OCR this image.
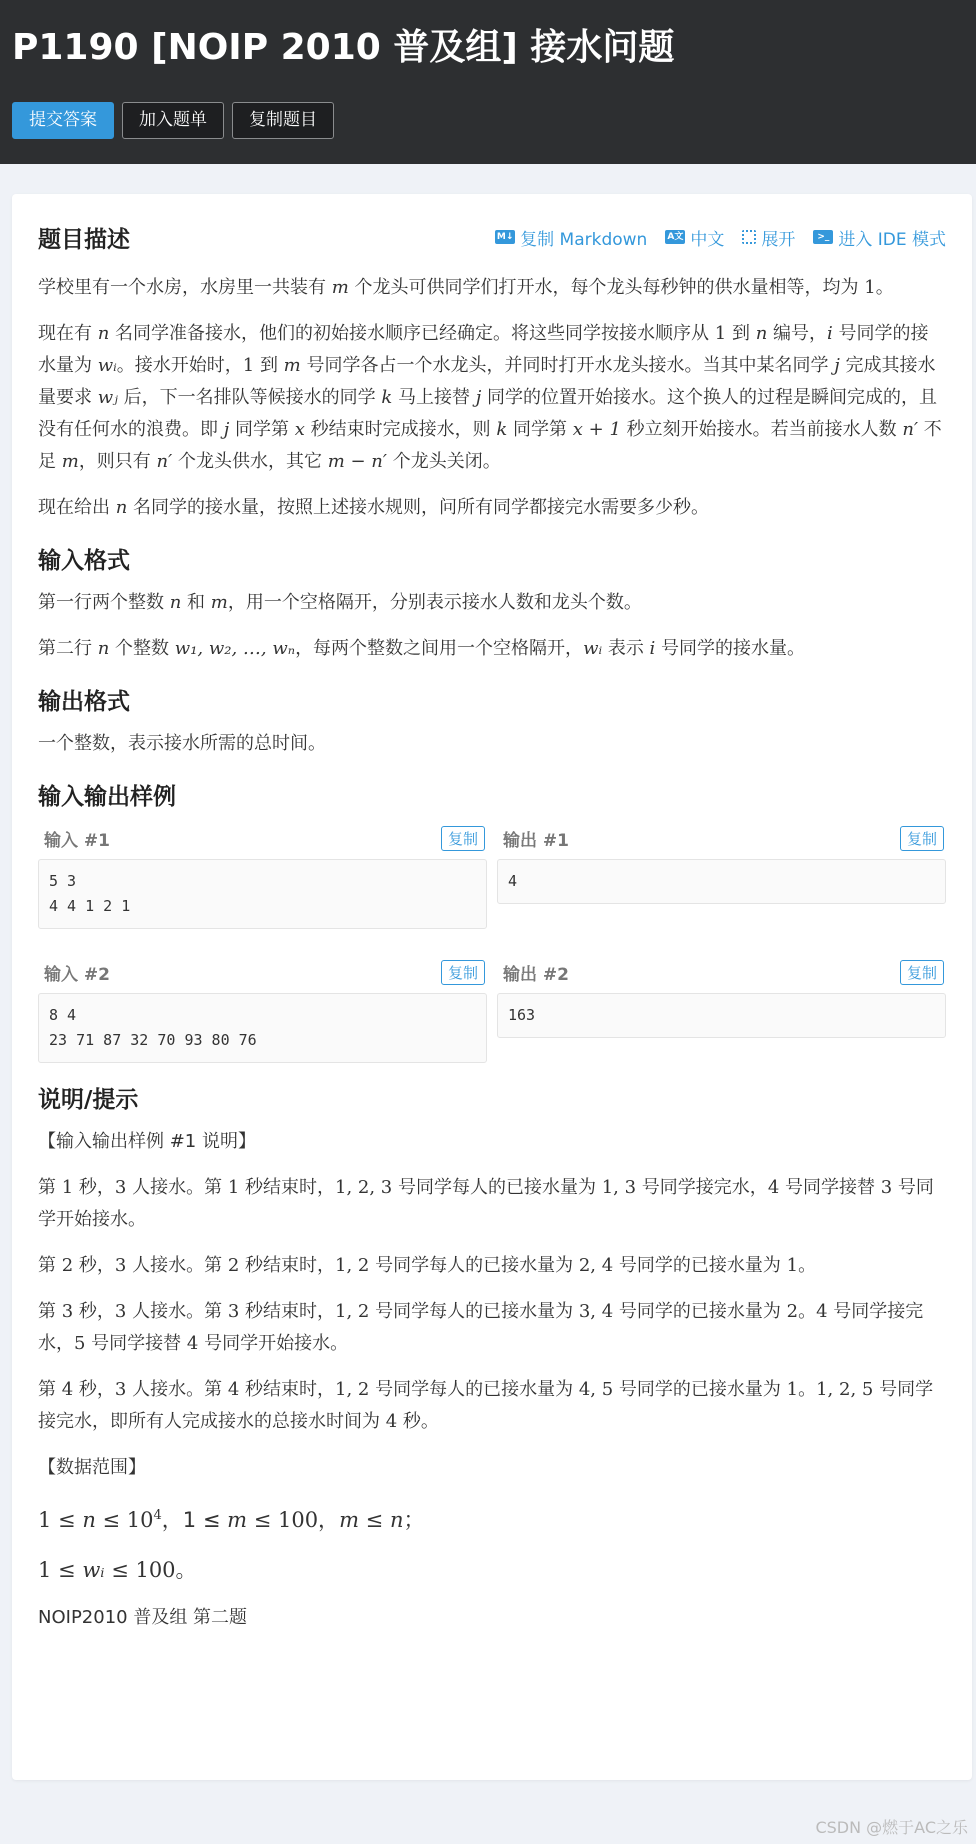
P1190 [NOIP 2010 普及组] 接水问题
提交答案	加入题单	复制题目
题目描述	M↓ 复制 Markdown A文 中文 展开	>_ 进入 IDE 模式

学校里有一个水房，水房里一共装有 m 个龙头可供同学们打开水，每个龙头每秒钟的供水量相等，均为 1。

现在有 n 名同学准备接水，他们的初始接水顺序已经确定。将这些同学按接水顺序从 1 到 n 编号，i 号同学的接水量为 wᵢ。接水开始时，1 到 m 号同学各占一个水龙头，并同时打开水龙头接水。当其中某名同学 j 完成其接水量要求 wⱼ 后，下一名排队等候接水的同学 k 马上接替 j 同学的位置开始接水。这个换人的过程是瞬间完成的，且没有任何水的浪费。即 j 同学第 x 秒结束时完成接水，则 k 同学第 x + 1 秒立刻开始接水。若当前接水人数 n′ 不足 m，则只有 n′ 个龙头供水，其它 m − n′ 个龙头关闭。

现在给出 n 名同学的接水量，按照上述接水规则，问所有同学都接完水需要多少秒。

输入格式

第一行两个整数 n 和 m，用一个空格隔开，分别表示接水人数和龙头个数。

第二行 n 个整数 w₁, w₂, …, wₙ，每两个整数之间用一个空格隔开，wᵢ 表示 i 号同学的接水量。

输出格式

一个整数，表示接水所需的总时间。

输入输出样例
输入 #1	复制
5 3
4 4 1 2 1
输出 #1	复制
4
输入 #2	复制
8 4
23 71 87 32 70 93 80 76
输出 #2	复制
163
说明/提示

【输入输出样例 #1 说明】

第 1 秒，3 人接水。第 1 秒结束时，1, 2, 3 号同学每人的已接水量为 1, 3 号同学接完水，4 号同学接替 3 号同学开始接水。

第 2 秒，3 人接水。第 2 秒结束时，1, 2 号同学每人的已接水量为 2, 4 号同学的已接水量为 1。

第 3 秒，3 人接水。第 3 秒结束时，1, 2 号同学每人的已接水量为 3, 4 号同学的已接水量为 2。4 号同学接完水，5 号同学接替 4 号同学开始接水。

第 4 秒，3 人接水。第 4 秒结束时，1, 2 号同学每人的已接水量为 4, 5 号同学的已接水量为 1。1, 2, 5 号同学接完水，即所有人完成接水的总接水时间为 4 秒。

【数据范围】

$1 \le n \le 10^4$，1 ≤ m ≤ 100，m ≤ n；

1 ≤ wᵢ ≤ 100。

NOIP2010 普及组 第二题

CSDN @燃于AC之乐
